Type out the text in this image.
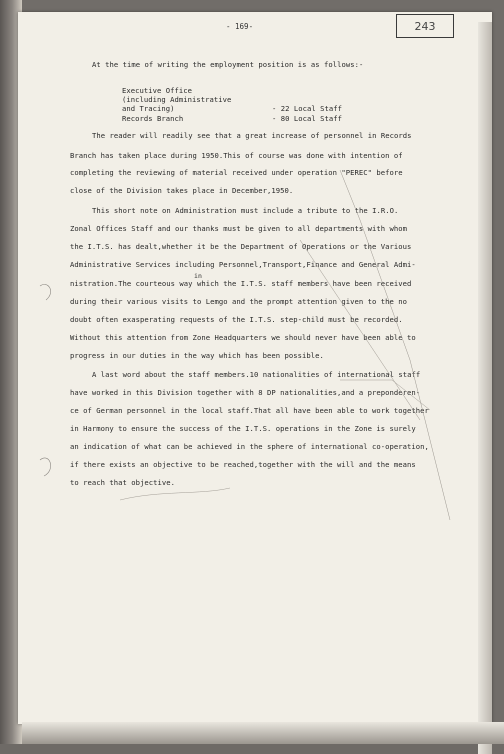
243
- 169-
At the time of writing the employment position is as follows:-
Executive Office
(including Administrative
and Tracing)	- 22 Local Staff
Records Branch	- 80 Local Staff
The reader will readily see that a great increase of personnel in Records
Branch has taken place during 1950.This of course was done with intention of
completing the reviewing of material received under operation "PEREC" before
close of the Division takes place in December,1950.
This short note on Administration must include a tribute to the I.R.O.
Zonal Offices Staff and our thanks must be given to all departments with whom
the I.T.S. has dealt,whether it be the Department of Operations or the Various
Administrative Services including Personnel,Transport,Finance and General Admi-
in
nistration.The courteous way which the I.T.S. staff members have been received
during their various visits to Lemgo and the prompt attention given to the no
doubt often exasperating requests of the I.T.S. step-child must be recorded.
Without this attention from Zone Headquarters we should never have been able to
progress in our duties in the way which has been possible.
A last word about the staff members.10 nationalities of international staff
have worked in this Division together with 8 DP nationalities,and a preponderen-
ce of German personnel in the local staff.That all have been able to work together
in Harmony to ensure the success of the I.T.S. operations in the Zone is surely
an indication of what can be achieved in the sphere of international co-operation,
if there exists an objective to be reached,together with the will and the means
to reach that objective.
